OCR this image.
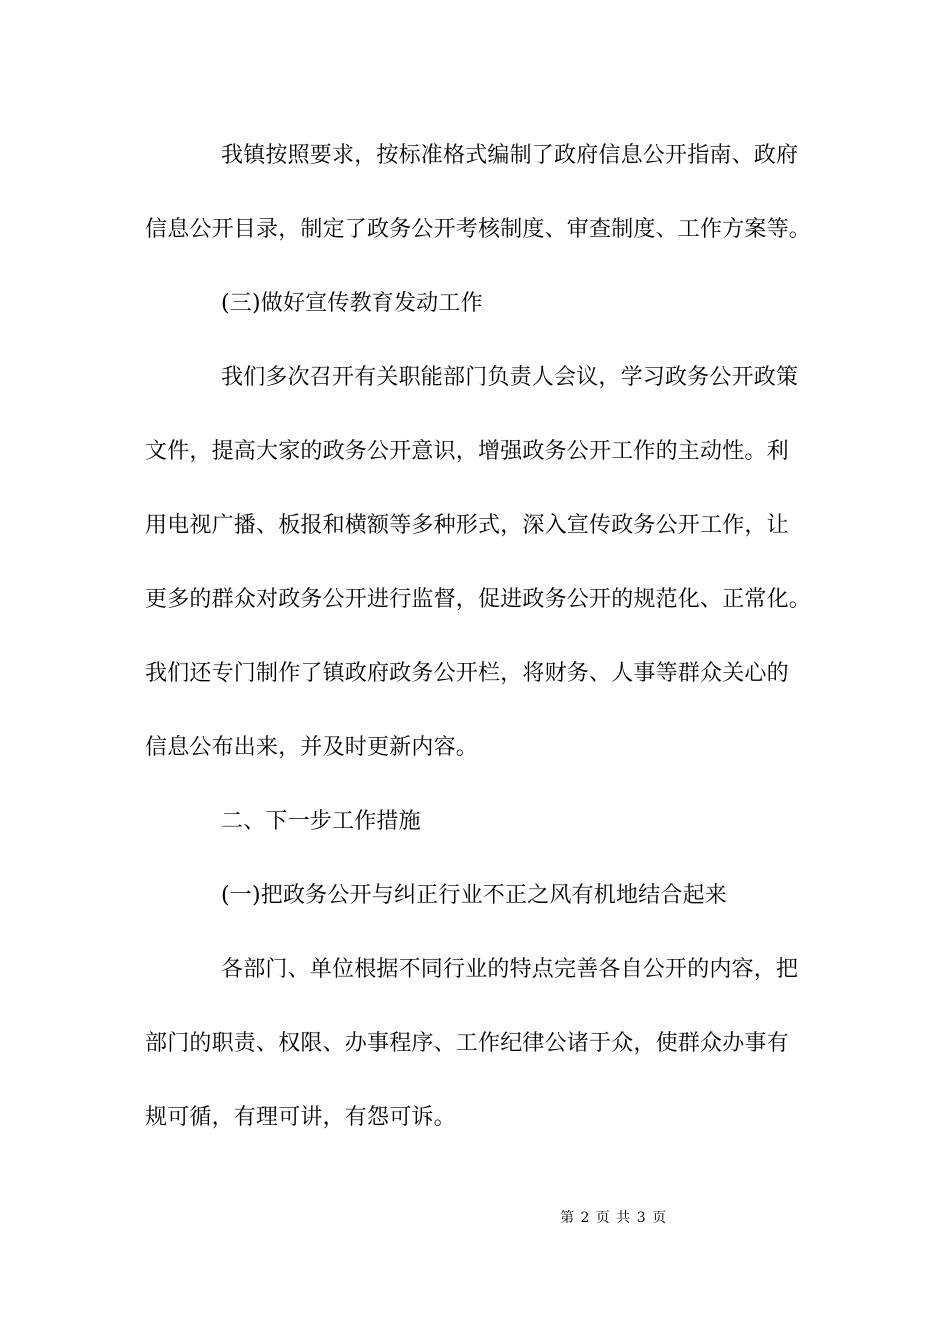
我镇按照要求，按标准格式编制了政府信息公开指南、政府
信息公开目录，制定了政务公开考核制度、审查制度、工作方案等。
(三)做好宣传教育发动工作
我们多次召开有关职能部门负责人会议，学习政务公开政策
文件，提高大家的政务公开意识，增强政务公开工作的主动性。利
用电视广播、板报和横额等多种形式，深入宣传政务公开工作，让
更多的群众对政务公开进行监督，促进政务公开的规范化、正常化。
我们还专门制作了镇政府政务公开栏，将财务、人事等群众关心的
信息公布出来，并及时更新内容。
二、下一步工作措施
(一)把政务公开与纠正行业不正之风有机地结合起来
各部门、单位根据不同行业的特点完善各自公开的内容，把
部门的职责、权限、办事程序、工作纪律公诸于众，使群众办事有
规可循，有理可讲，有怨可诉。
第 2 页 共 3 页
